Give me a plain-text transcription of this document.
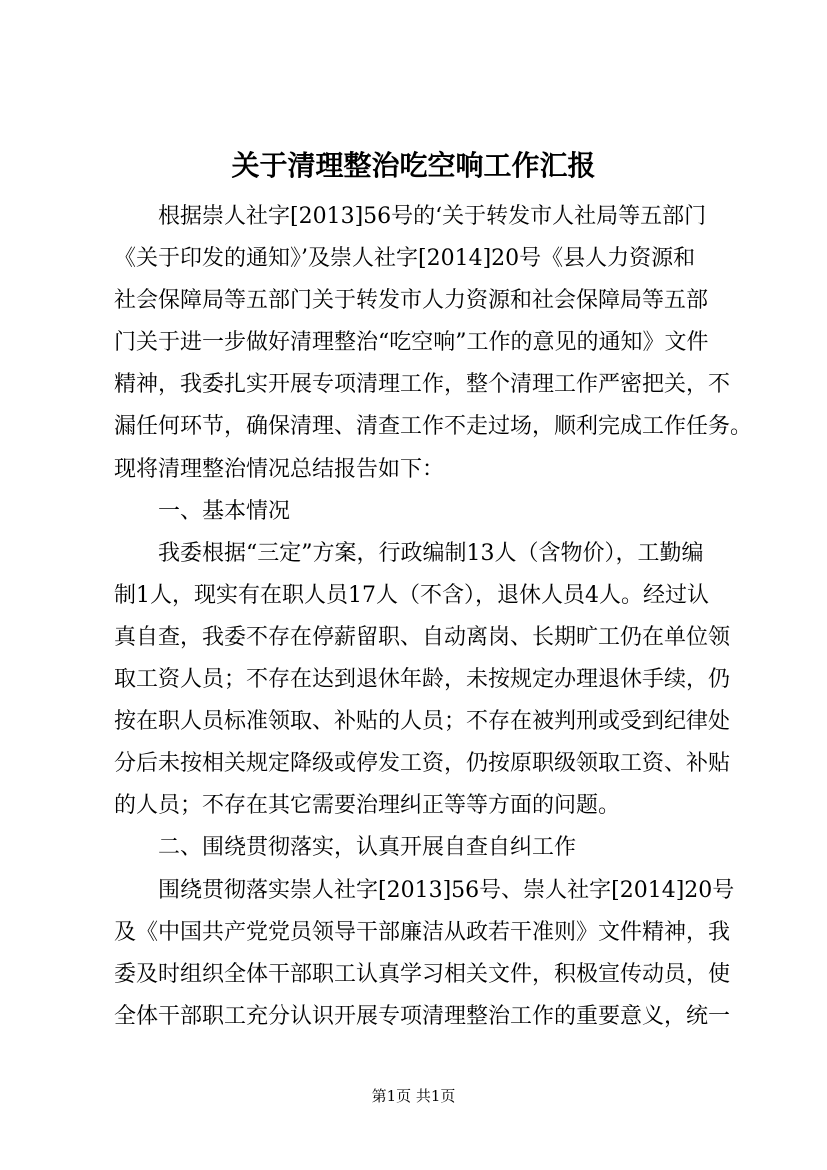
关于清理整治吃空响工作汇报
　　根据崇人社字[2013]56号的‘关于转发市人社局等五部门
《关于印发的通知》’及崇人社字[2014]20号《县人力资源和
社会保障局等五部门关于转发市人力资源和社会保障局等五部
门关于进一步做好清理整治“吃空响”工作的意见的通知》文件
精神，我委扎实开展专项清理工作，整个清理工作严密把关，不
漏任何环节，确保清理、清查工作不走过场，顺利完成工作任务。
现将清理整治情况总结报告如下：
　　一、基本情况
　　我委根据“三定”方案，行政编制13人（含物价），工勤编
制1人，现实有在职人员17人（不含），退休人员4人。经过认
真自查，我委不存在停薪留职、自动离岗、长期旷工仍在单位领
取工资人员；不存在达到退休年龄，未按规定办理退休手续，仍
按在职人员标准领取、补贴的人员；不存在被判刑或受到纪律处
分后未按相关规定降级或停发工资，仍按原职级领取工资、补贴
的人员；不存在其它需要治理纠正等等方面的问题。
　　二、围绕贯彻落实，认真开展自查自纠工作
　　围绕贯彻落实崇人社字[2013]56号、崇人社字[2014]20号
及《中国共产党党员领导干部廉洁从政若干准则》文件精神，我
委及时组织全体干部职工认真学习相关文件，积极宣传动员，使
全体干部职工充分认识开展专项清理整治工作的重要意义，统一
第1页 共1页
